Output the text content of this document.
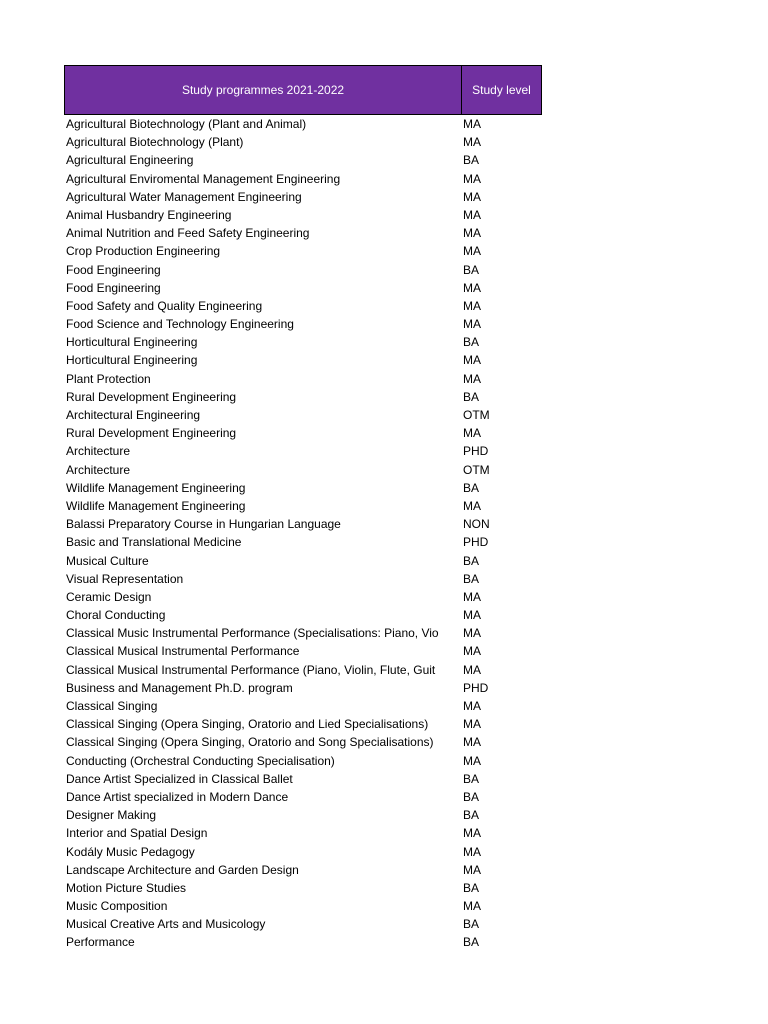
Study programmes 2021-2022	Study level
Agricultural Biotechnology (Plant and Animal)	MA
Agricultural Biotechnology (Plant)	MA
Agricultural Engineering	BA
Agricultural Enviromental Management Engineering	MA
Agricultural Water Management Engineering	MA
Animal Husbandry Engineering	MA
Animal Nutrition and Feed Safety Engineering	MA
Crop Production Engineering	MA
Food Engineering	BA
Food Engineering	MA
Food Safety and Quality Engineering	MA
Food Science and Technology Engineering	MA
Horticultural Engineering	BA
Horticultural Engineering	MA
Plant Protection	MA
Rural Development Engineering	BA
Architectural Engineering	OTM
Rural Development Engineering	MA
Architecture	PHD
Architecture	OTM
Wildlife Management Engineering	BA
Wildlife Management Engineering	MA
Balassi Preparatory Course in Hungarian Language	NON
Basic and Translational Medicine	PHD
Musical Culture	BA
Visual Representation	BA
Ceramic Design	MA
Choral Conducting	MA
Classical Music Instrumental Performance (Specialisations: Piano, Vio	MA
Classical Musical Instrumental Performance	MA
Classical Musical Instrumental Performance (Piano, Violin, Flute, Guit	MA
Business and Management Ph.D. program	PHD
Classical Singing	MA
Classical Singing (Opera Singing, Oratorio and Lied Specialisations)	MA
Classical Singing (Opera Singing, Oratorio and Song Specialisations)	MA
Conducting (Orchestral Conducting Specialisation)	MA
Dance Artist Specialized in Classical Ballet	BA
Dance Artist specialized in Modern Dance	BA
Designer Making	BA
Interior and Spatial Design	MA
Kodály Music Pedagogy	MA
Landscape Architecture and Garden Design	MA
Motion Picture Studies	BA
Music Composition	MA
Musical Creative Arts and Musicology	BA
Performance	BA
